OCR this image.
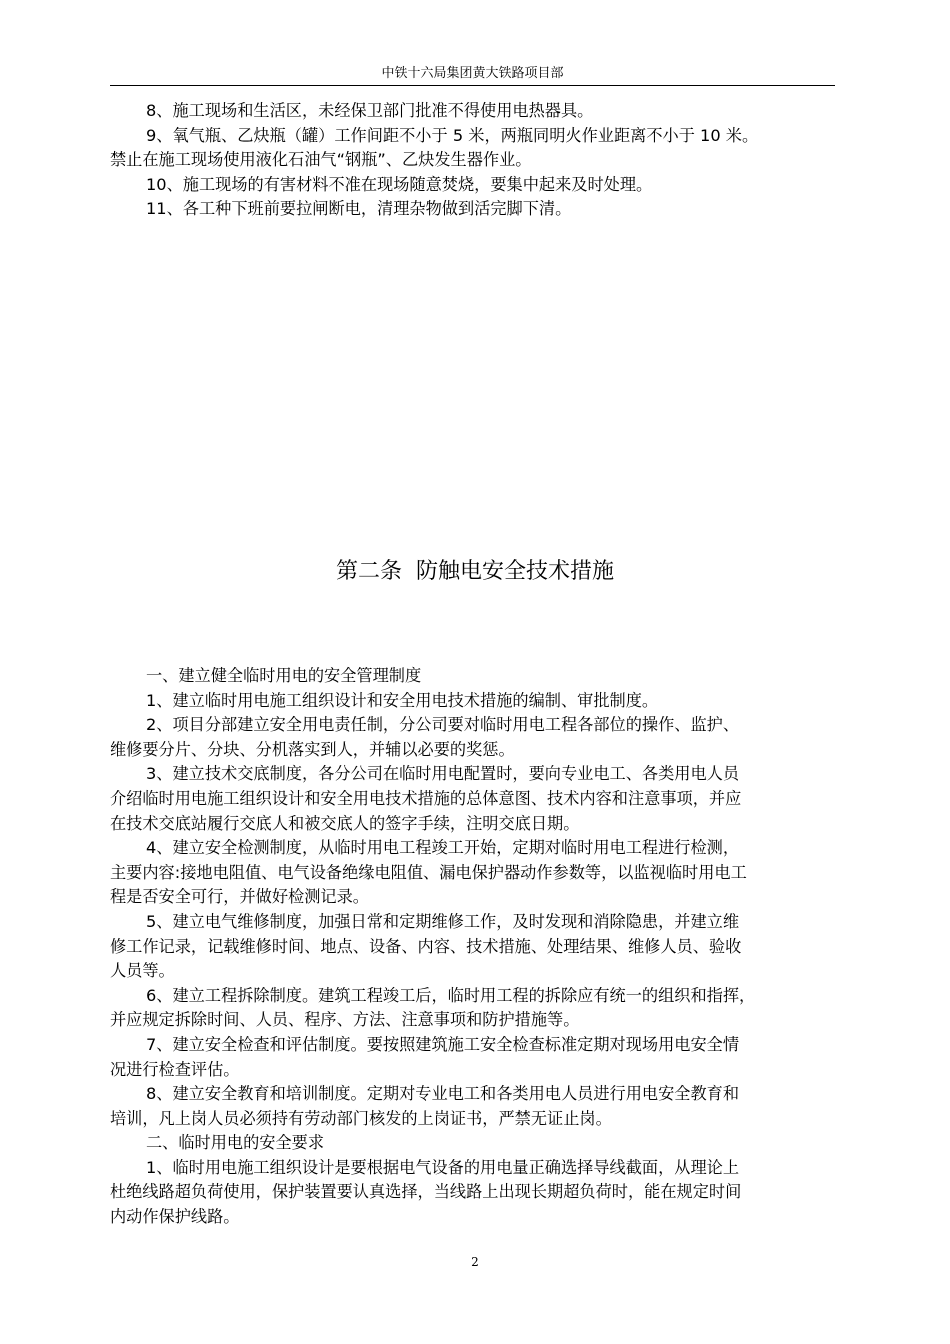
中铁十六局集团黄大铁路项目部
8、施工现场和生活区，未经保卫部门批准不得使用电热器具。
9、氧气瓶、乙炔瓶（罐）工作间距不小于 5 米，两瓶同明火作业距离不小于 10 米。
禁止在施工现场使用液化石油气“钢瓶”、乙炔发生器作业。
10、施工现场的有害材料不准在现场随意焚烧，要集中起来及时处理。
11、各工种下班前要拉闸断电，清理杂物做到活完脚下清。
第二条 防触电安全技术措施
一、建立健全临时用电的安全管理制度
1、建立临时用电施工组织设计和安全用电技术措施的编制、审批制度。
2、项目分部建立安全用电责任制，分公司要对临时用电工程各部位的操作、监护、
维修要分片、分块、分机落实到人，并辅以必要的奖惩。
3、建立技术交底制度，各分公司在临时用电配置时，要向专业电工、各类用电人员
介绍临时用电施工组织设计和安全用电技术措施的总体意图、技术内容和注意事项，并应
在技术交底站履行交底人和被交底人的签字手续，注明交底日期。
4、建立安全检测制度，从临时用电工程竣工开始，定期对临时用电工程进行检测，
主要内容:接地电阻值、电气设备绝缘电阻值、漏电保护器动作参数等，以监视临时用电工
程是否安全可行，并做好检测记录。
5、建立电气维修制度，加强日常和定期维修工作，及时发现和消除隐患，并建立维
修工作记录，记载维修时间、地点、设备、内容、技术措施、处理结果、维修人员、验收
人员等。
6、建立工程拆除制度。建筑工程竣工后，临时用工程的拆除应有统一的组织和指挥，
并应规定拆除时间、人员、程序、方法、注意事项和防护措施等。
7、建立安全检查和评估制度。要按照建筑施工安全检查标准定期对现场用电安全情
况进行检查评估。
8、建立安全教育和培训制度。定期对专业电工和各类用电人员进行用电安全教育和
培训，凡上岗人员必须持有劳动部门核发的上岗证书，严禁无证止岗。
二、临时用电的安全要求
1、临时用电施工组织设计是要根据电气设备的用电量正确选择导线截面，从理论上
杜绝线路超负荷使用，保护装置要认真选择，当线路上出现长期超负荷时，能在规定时间
内动作保护线路。
2
